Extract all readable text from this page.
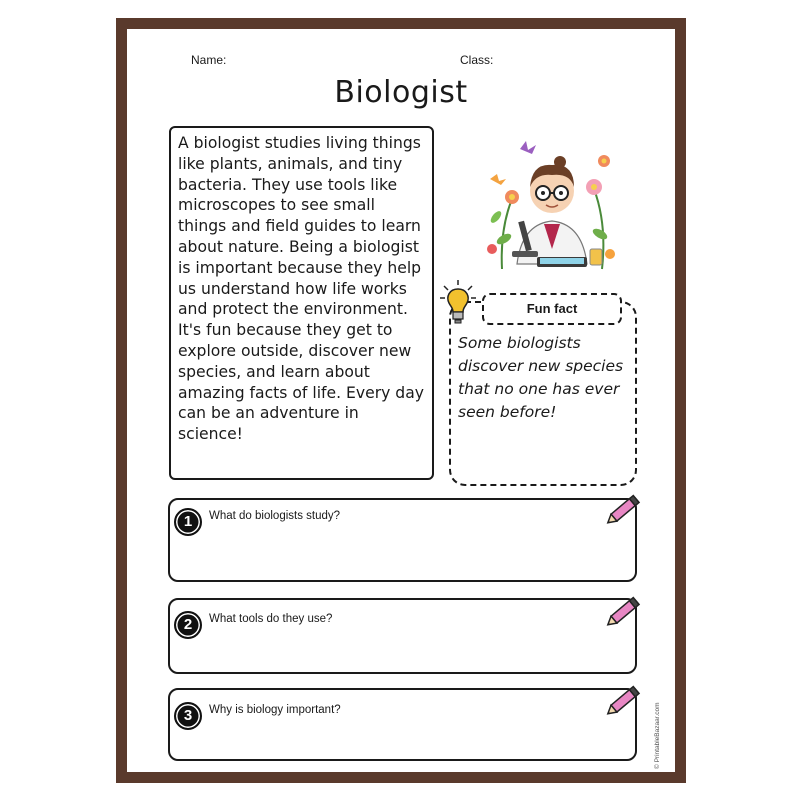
Name:	Class:
Biologist
A biologist studies living things like plants, animals, and tiny bacteria. They use tools like microscopes to see small things and field guides to learn about nature. Being a biologist is important because they help us understand how life works and protect the environment. It's fun because they get to explore outside, discover new species, and learn about amazing facts of life. Every day can be an adventure in science!
Fun fact
Some biologists discover new species that no one has ever seen before!
1	What do biologists study?
2	What tools do they use?
3	Why is biology important?	© PrintableBazaar.com
